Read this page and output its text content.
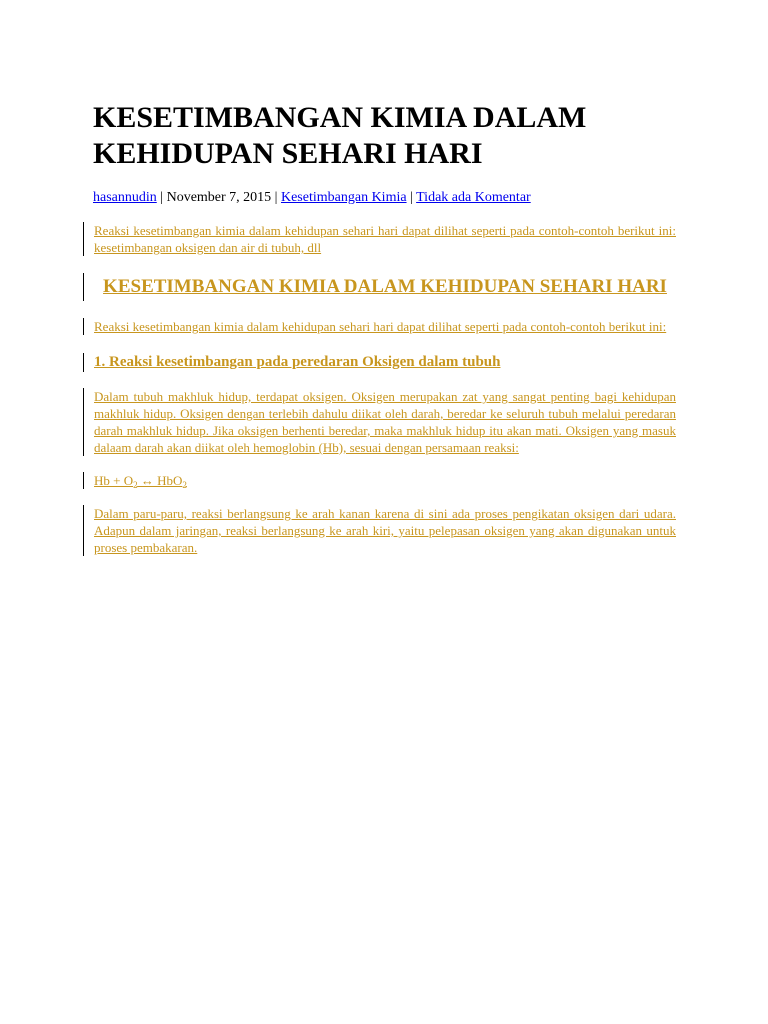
KESETIMBANGAN KIMIA DALAM KEHIDUPAN SEHARI HARI
hasannudin | November 7, 2015 | Kesetimbangan Kimia | Tidak ada Komentar
Reaksi kesetimbangan kimia dalam kehidupan sehari hari dapat dilihat seperti pada contoh-contoh berikut ini: kesetimbangan oksigen dan air di tubuh, dll
KESETIMBANGAN KIMIA DALAM KEHIDUPAN SEHARI HARI
Reaksi kesetimbangan kimia dalam kehidupan sehari hari dapat dilihat seperti pada contoh-contoh berikut ini:
1. Reaksi kesetimbangan pada peredaran Oksigen dalam tubuh
Dalam tubuh makhluk hidup, terdapat oksigen. Oksigen merupakan zat yang sangat penting bagi kehidupan makhluk hidup. Oksigen dengan terlebih dahulu diikat oleh darah, beredar ke seluruh tubuh melalui peredaran darah makhluk hidup. Jika oksigen berhenti beredar, maka makhluk hidup itu akan mati. Oksigen yang masuk dalaam darah akan diikat oleh hemoglobin (Hb), sesuai dengan persamaan reaksi:
$Hb + O_2$ ↔ HbO$_2$
Dalam paru-paru, reaksi berlangsung ke arah kanan karena di sini ada proses pengikatan oksigen dari udara. Adapun dalam jaringan, reaksi berlangsung ke arah kiri, yaitu pelepasan oksigen yang akan digunakan untuk proses pembakaran.
